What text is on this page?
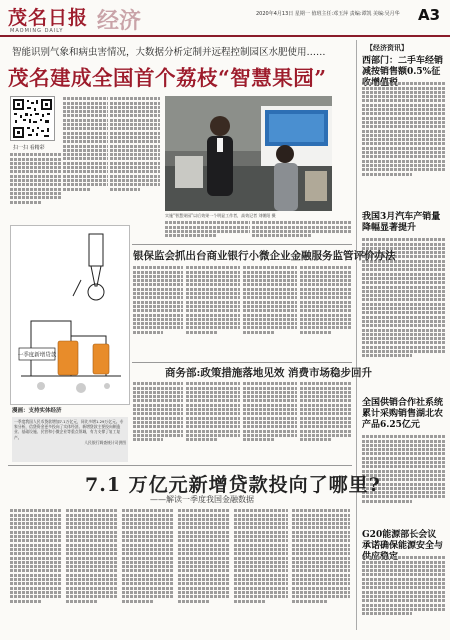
茂名日报
MAOMING DAILY 经济	2020年4月13日 星期一 值班主任:邓玉萍 责编:谭凯 美编:吴月华 A3
智能识别气象和病虫害情况，大数据分析定制并远程控制园区水肥使用……
茂名建成全国首个荔枝“智慧果园”
扫一扫 看精彩
实施“智慧果园”以后效果一个明显工作者，高效记者 刘朝阳 摄
【经济资讯】
西部门：二手车经销减按销售额0.5%征
我国3月汽车产销量降幅显著提升
全国供销合作社系统累计采购销售湖北农产品6.25亿元
G20能源部长会议承诺确保能源安全与
一季度新增贷款
漫画：支持实体经济
一季度我国人民币贷款增加7.1万亿元，同比多增1.29万亿元。专家分析，信贷资金更多投向了实体经济。新增贷款主要投向制造业、基础设施、民营和小微企业等重点领域，有力支撑了复工复产。
人民银行调查统计司供图
银保监会抓出台商业银行小微企业金融服务监管评价办法
商务部:政策措施落地见效 消费市场稳步回升
7.1 万亿元新增贷款投向了哪里?
——解读一季度我国金融数据
